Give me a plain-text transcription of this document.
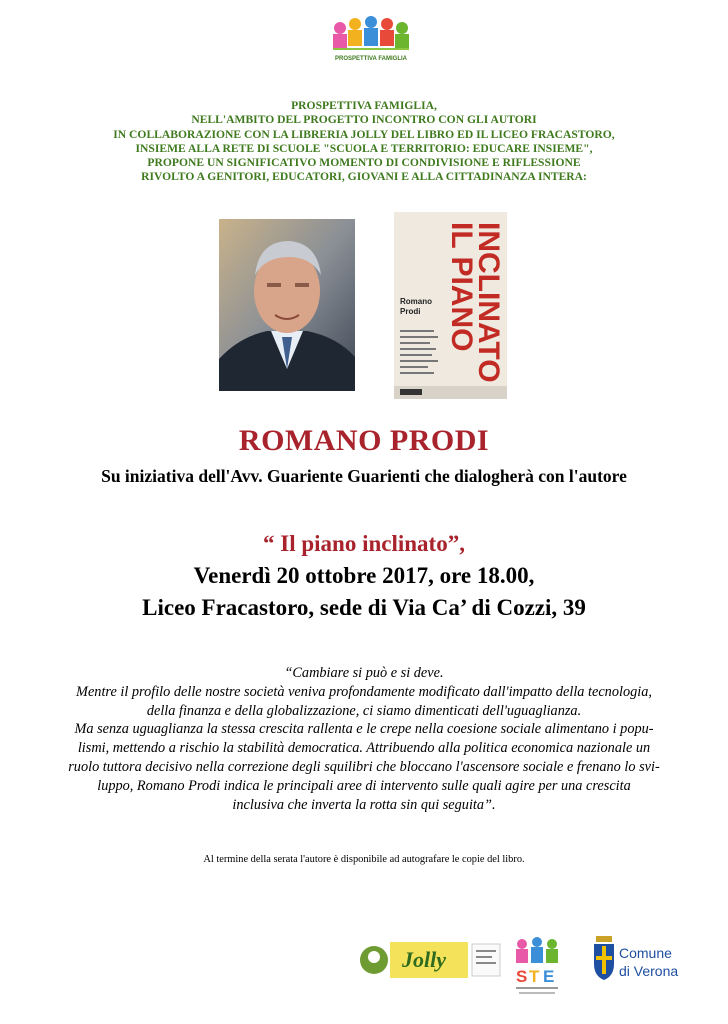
PROSPETTIVA FAMIGLIA
PROSPETTIVA FAMIGLIA,
NELL'AMBITO DEL PROGETTO INCONTRO CON GLI AUTORI
IN COLLABORAZIONE CON LA LIBRERIA JOLLY DEL LIBRO ED IL LICEO FRACASTORO,
INSIEME ALLA RETE DI SCUOLE "SCUOLA E TERRITORIO: EDUCARE INSIEME",
PROPONE UN SIGNIFICATIVO MOMENTO DI CONDIVISIONE E RIFLESSIONE
RIVOLTO A GENITORI, EDUCATORI, GIOVANI E ALLA CITTADINANZA INTERA:
IL PIANO
INCLINATO
Romano
Prodi
ROMANO PRODI
Su iniziativa dell'Avv. Guariente Guarienti che dialogherà con l'autore
“ Il piano inclinato”,
Venerdì 20 ottobre 2017, ore 18.00,
Liceo Fracastoro, sede di Via Ca’ di Cozzi, 39
“Cambiare si può e si deve.
Mentre il profilo delle nostre società veniva profondamente modificato dall'impatto della tecnologia,
della finanza e della globalizzazione, ci siamo dimenticati dell'uguaglianza.
Ma senza uguaglianza la stessa crescita rallenta e le crepe nella coesione sociale alimentano i popu-
lismi, mettendo a rischio la stabilità democratica. Attribuendo alla politica economica nazionale un
ruolo tuttora decisivo nella correzione degli squilibri che bloccano l'ascensore sociale e frenano lo svi-
luppo, Romano Prodi indica le principali aree di intervento sulle quali agire per una crescita
inclusiva che inverta la rotta sin qui seguita”.
Al termine della serata l'autore è disponibile ad autografare le copie del libro.
Jolly
S T E
Comune
di Verona
